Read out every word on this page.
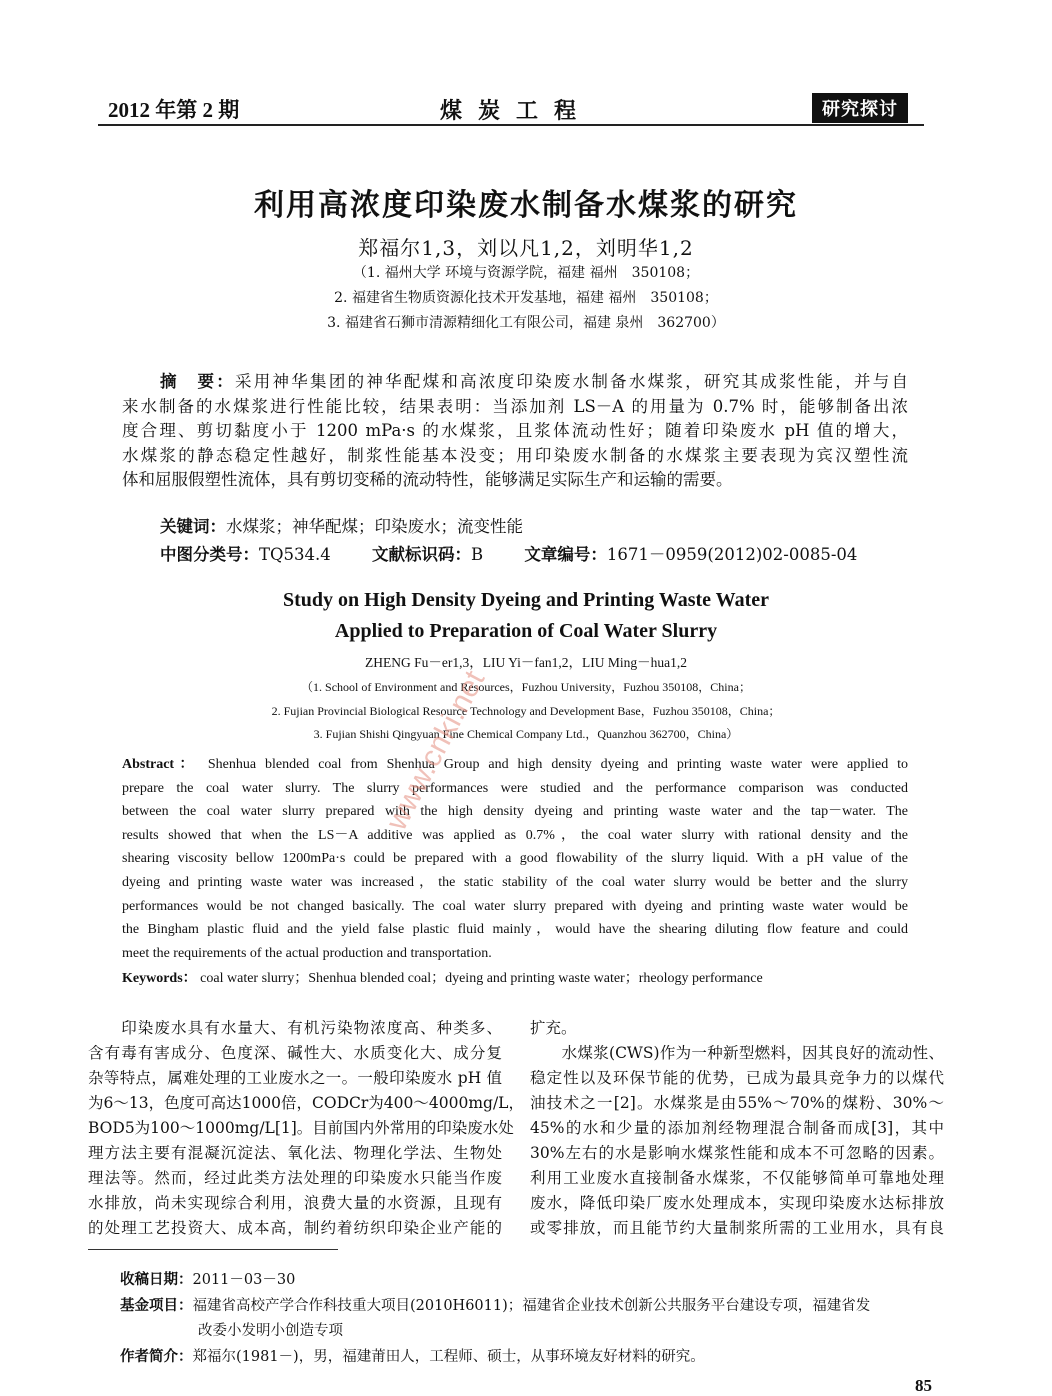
2012 年第 2 期	煤炭工程	研究探讨
利用高浓度印染废水制备水煤浆的研究
郑福尔1,3，刘以凡1,2，刘明华1,2
（1. 福州大学 环境与资源学院，福建 福州　350108；
2. 福建省生物质资源化技术开发基地，福建 福州　350108；
3. 福建省石狮市清源精细化工有限公司，福建 泉州　362700）
摘　要：采用神华集团的神华配煤和高浓度印染废水制备水煤浆，研究其成浆性能，并与自
来水制备的水煤浆进行性能比较，结果表明：当添加剂 LS－A 的用量为 0.7% 时，能够制备出浓
度合理、剪切黏度小于 1200 mPa·s 的水煤浆，且浆体流动性好；随着印染废水 pH 值的增大，
水煤浆的静态稳定性越好，制浆性能基本没变；用印染废水制备的水煤浆主要表现为宾汉塑性流
体和屈服假塑性流体，具有剪切变稀的流动特性，能够满足实际生产和运输的需要。
关键词：水煤浆；神华配煤；印染废水；流变性能
中图分类号：TQ534.4	文献标识码：B	文章编号：1671－0959(2012)02-0085-04
Study on High Density Dyeing and Printing Waste Water
Applied to Preparation of Coal Water Slurry
ZHENG Fu－er1,3，LIU Yi－fan1,2，LIU Ming－hua1,2
（1. School of Environment and Resources，Fuzhou University，Fuzhou 350108，China；
2. Fujian Provincial Biological Resource Technology and Development Base，Fuzhou 350108，China；
3. Fujian Shishi Qingyuan Fine Chemical Company Ltd.，Quanzhou 362700，China）
Abstract： Shenhua blended coal from Shenhua Group and high density dyeing and printing waste water were applied to
prepare the coal water slurry. The slurry performances were studied and the performance comparison was conducted
between the coal water slurry prepared with the high density dyeing and printing waste water and the tap－water. The
results showed that when the LS－A additive was applied as 0.7%，the coal water slurry with rational density and the
shearing viscosity bellow 1200mPa·s could be prepared with a good flowability of the slurry liquid. With a pH value of the
dyeing and printing waste water was increased，the static stability of the coal water slurry would be better and the slurry
performances would be not changed basically. The coal water slurry prepared with dyeing and printing waste water would be
the Bingham plastic fluid and the yield false plastic fluid mainly，would have the shearing diluting flow feature and could
meet the requirements of the actual production and transportation.
Keywords： coal water slurry；Shenhua blended coal；dyeing and printing waste water；rheology performance
　　印染废水具有水量大、有机污染物浓度高、种类多、
含有毒有害成分、色度深、碱性大、水质变化大、成分复
杂等特点，属难处理的工业废水之一。一般印染废水 pH 值
为6～13，色度可高达1000倍，CODCr为400～4000mg/L，
BOD5为100～1000mg/L[1]。目前国内外常用的印染废水处
理方法主要有混凝沉淀法、氧化法、物理化学法、生物处
理法等。然而，经过此类方法处理的印染废水只能当作废
水排放，尚未实现综合利用，浪费大量的水资源，且现有
的处理工艺投资大、成本高，制约着纺织印染企业产能的
扩充。
　　水煤浆(CWS)作为一种新型燃料，因其良好的流动性、
稳定性以及环保节能的优势，已成为最具竞争力的以煤代
油技术之一[2]。水煤浆是由55%～70%的煤粉、30%～
45%的水和少量的添加剂经物理混合制备而成[3]，其中
30%左右的水是影响水煤浆性能和成本不可忽略的因素。
利用工业废水直接制备水煤浆，不仅能够简单可靠地处理
废水，降低印染厂废水处理成本，实现印染废水达标排放
或零排放，而且能节约大量制浆所需的工业用水，具有良
收稿日期：2011－03－30
基金项目：福建省高校产学合作科技重大项目(2010H6011)；福建省企业技术创新公共服务平台建设专项，福建省发
改委小发明小创造专项
作者简介：郑福尔(1981－)，男，福建莆田人，工程师、硕士，从事环境友好材料的研究。
85
www.cnki.net
